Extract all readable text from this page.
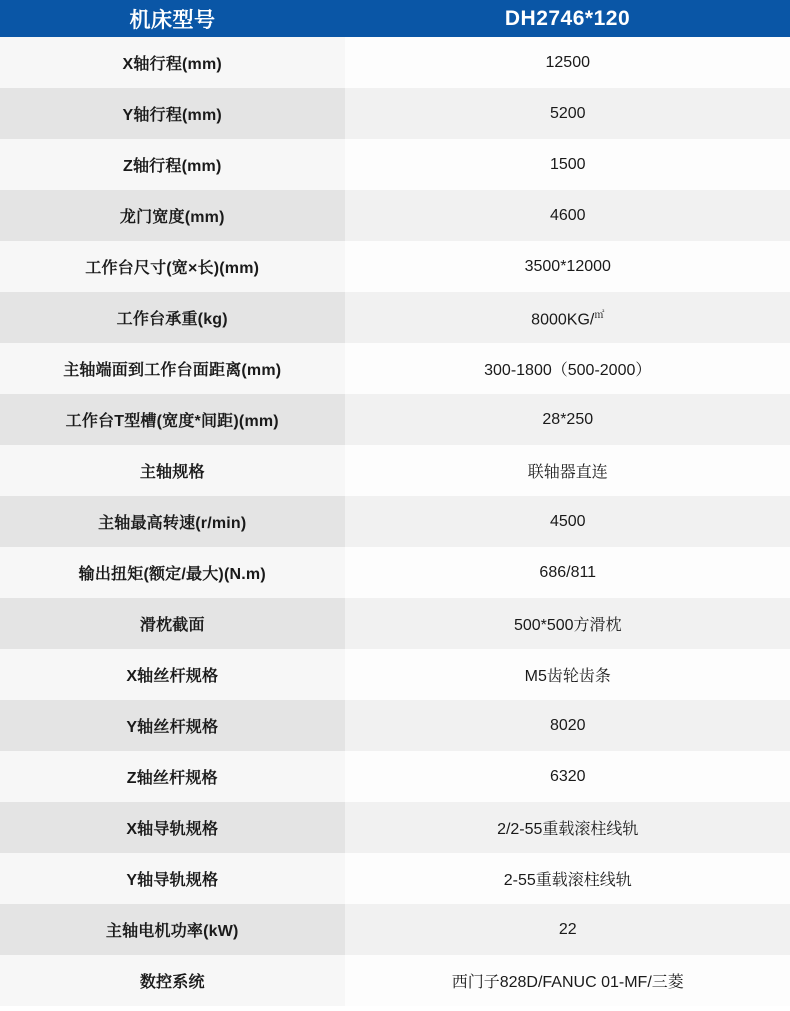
机床型号	DH2746*120
X轴行程(mm)	12500
Y轴行程(mm)	5200
Z轴行程(mm)	1500
龙门宽度(mm)	4600
工作台尺寸(宽×长)(mm)	3500*12000
工作台承重(kg)	8000KG/㎡
主轴端面到工作台面距离(mm)	300-1800（500-2000）
工作台T型槽(宽度*间距)(mm)	28*250
主轴规格	联轴器直连
主轴最高转速(r/min)	4500
输出扭矩(额定/最大)(N.m)	686/811
滑枕截面	500*500方滑枕
X轴丝杆规格	M5齿轮齿条
Y轴丝杆规格	8020
Z轴丝杆规格	6320
X轴导轨规格	2/2-55重载滚柱线轨
Y轴导轨规格	2-55重载滚柱线轨
主轴电机功率(kW)	22
数控系统	西门子828D/FANUC 01-MF/三菱
